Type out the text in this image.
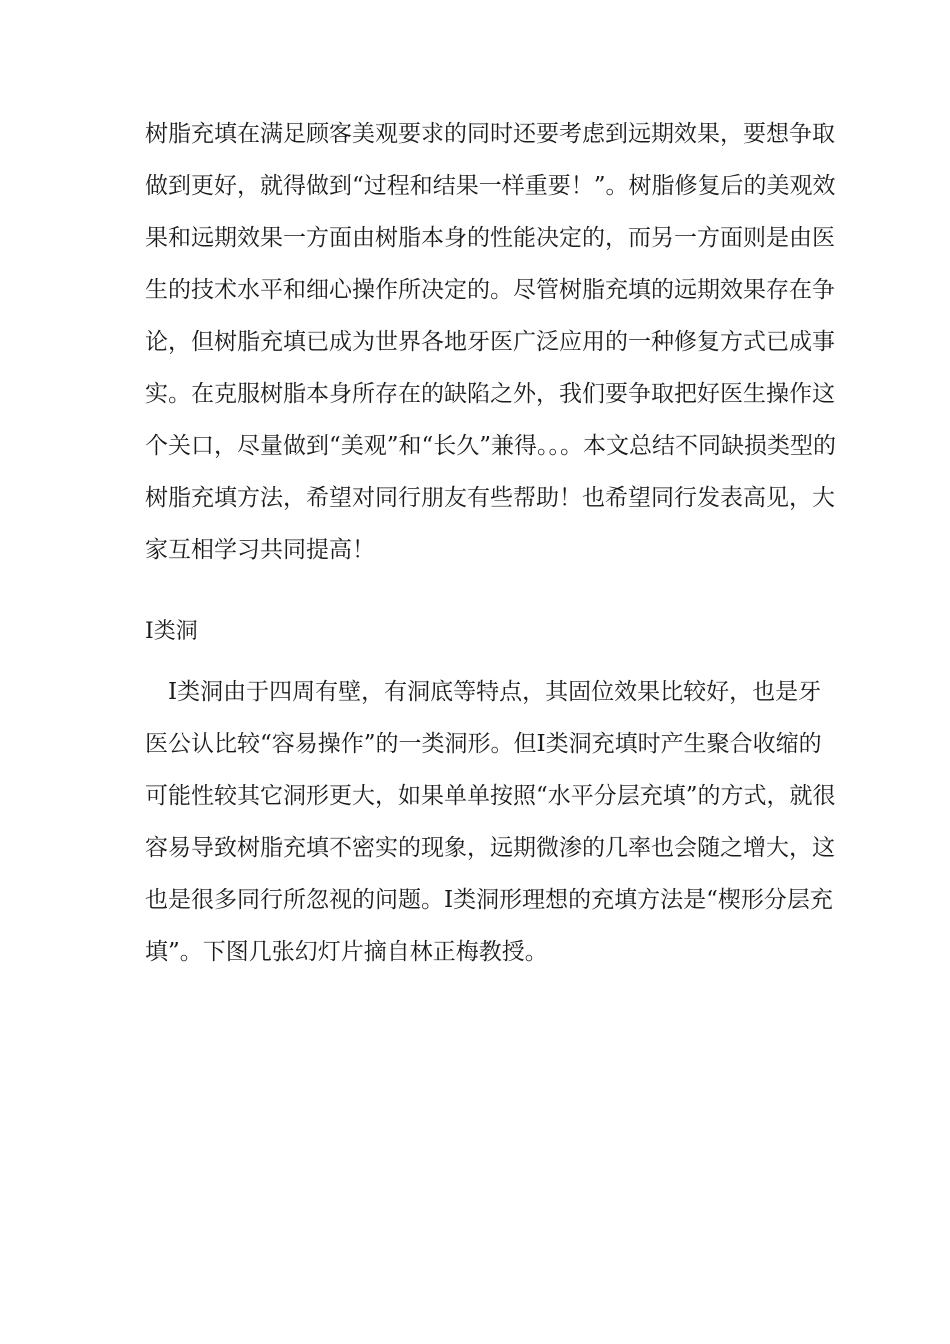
树脂充填在满足顾客美观要求的同时还要考虑到远期效果，要想争取
做到更好，就得做到“过程和结果一样重要！”。树脂修复后的美观效
果和远期效果一方面由树脂本身的性能决定的，而另一方面则是由医
生的技术水平和细心操作所决定的。尽管树脂充填的远期效果存在争
论，但树脂充填已成为世界各地牙医广泛应用的一种修复方式已成事
实。在克服树脂本身所存在的缺陷之外，我们要争取把好医生操作这
个关口，尽量做到“美观”和“长久”兼得。。。本文总结不同缺损类型的
树脂充填方法，希望对同行朋友有些帮助！也希望同行发表高见，大
家互相学习共同提高！
Ⅰ类洞
　Ⅰ类洞由于四周有壁，有洞底等特点，其固位效果比较好，也是牙
医公认比较“容易操作”的一类洞形。但Ⅰ类洞充填时产生聚合收缩的
可能性较其它洞形更大，如果单单按照“水平分层充填”的方式，就很
容易导致树脂充填不密实的现象，远期微渗的几率也会随之增大，这
也是很多同行所忽视的问题。Ⅰ类洞形理想的充填方法是“楔形分层充
填”。下图几张幻灯片摘自林正梅教授。
